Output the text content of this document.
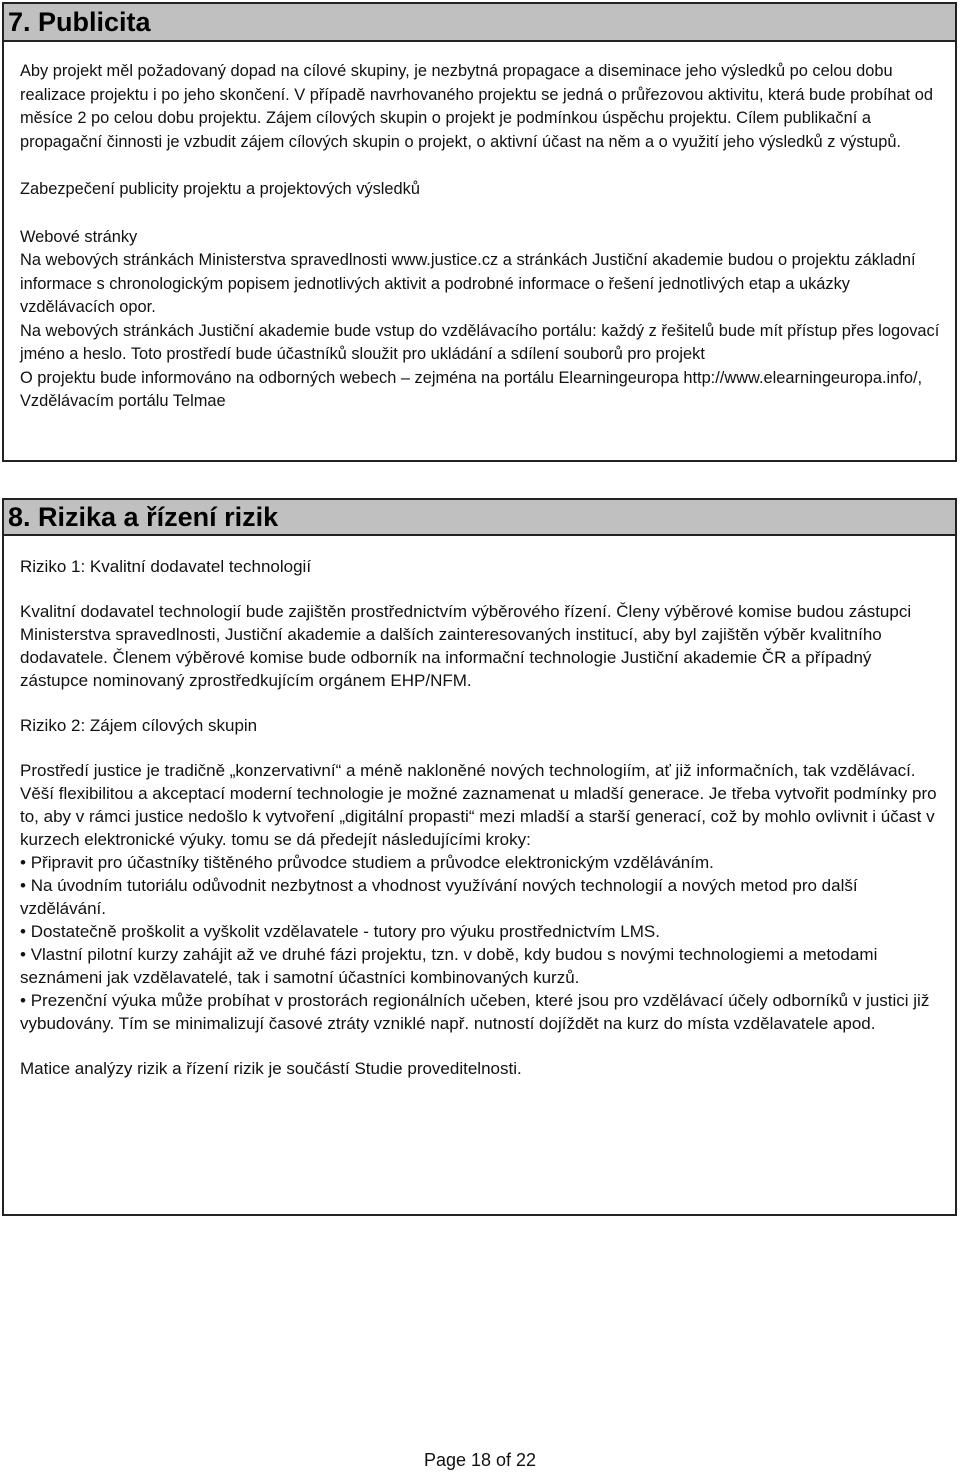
7. Publicita

Aby projekt měl požadovaný dopad na cílové skupiny, je nezbytná propagace a diseminace jeho výsledků po celou dobu realizace projektu i po jeho skončení. V případě navrhovaného projektu se jedná o průřezovou aktivitu, která bude probíhat od měsíce 2 po celou dobu projektu. Zájem cílových skupin o projekt je podmínkou úspěchu projektu. Cílem publikační a propagační činnosti je vzbudit zájem cílových skupin o projekt, o aktivní účast na něm a o využití jeho výsledků z výstupů.

Zabezpečení publicity projektu a projektových výsledků

Webové stránky

Na webových stránkách Ministerstva spravedlnosti www.justice.cz a stránkách Justiční akademie budou o projektu základní informace s chronologickým popisem jednotlivých aktivit a podrobné informace o řešení jednotlivých etap a ukázky vzdělávacích opor.

Na webových stránkách Justiční akademie bude vstup do vzdělávacího portálu: každý z řešitelů bude mít přístup přes logovací jméno a heslo. Toto prostředí bude účastníků sloužit pro ukládání a sdílení souborů pro projekt

O projektu bude informováno na odborných webech – zejména na portálu Elearningeuropa http://www.elearningeuropa.info/, Vzdělávacím portálu Telmae

8. Rizika a řízení rizik

Riziko 1: Kvalitní dodavatel technologií

Kvalitní dodavatel technologií bude zajištěn prostřednictvím výběrového řízení. Členy výběrové komise budou zástupci Ministerstva spravedlnosti, Justiční akademie a dalších zainteresovaných institucí, aby byl zajištěn výběr kvalitního dodavatele. Členem výběrové komise bude odborník na informační technologie Justiční akademie ČR a případný zástupce nominovaný zprostředkujícím orgánem EHP/NFM.

Riziko 2: Zájem cílových skupin

Prostředí justice je tradičně „konzervativní“ a méně nakloněné nových technologiím, ať již informačních, tak vzdělávací. Věší flexibilitou a akceptací moderní technologie je možné zaznamenat u mladší generace. Je třeba vytvořit podmínky pro to, aby v rámci justice nedošlo k vytvoření „digitální propasti“ mezi mladší a starší generací, což by mohlo ovlivnit i účast v kurzech elektronické výuky. tomu se dá předejít následujícími kroky:

• Připravit pro účastníky tištěného průvodce studiem a průvodce elektronickým vzděláváním.
• Na úvodním tutoriálu odůvodnit nezbytnost a vhodnost využívání nových technologií a nových metod pro další vzdělávání.
• Dostatečně proškolit a vyškolit vzdělavatele - tutory pro výuku prostřednictvím LMS.
• Vlastní pilotní kurzy zahájit až ve druhé fázi projektu, tzn. v době, kdy budou s novými technologiemi a metodami seznámeni jak vzdělavatelé, tak i samotní účastníci kombinovaných kurzů.
• Prezenční výuka může probíhat v prostorách regionálních učeben, které jsou pro vzdělávací účely odborníků v justici již vybudovány. Tím se minimalizují časové ztráty vzniklé např. nutností dojíždět na kurz do místa vzdělavatele apod.

Matice analýzy rizik a řízení rizik je součástí Studie proveditelnosti.

Page 18 of 22
